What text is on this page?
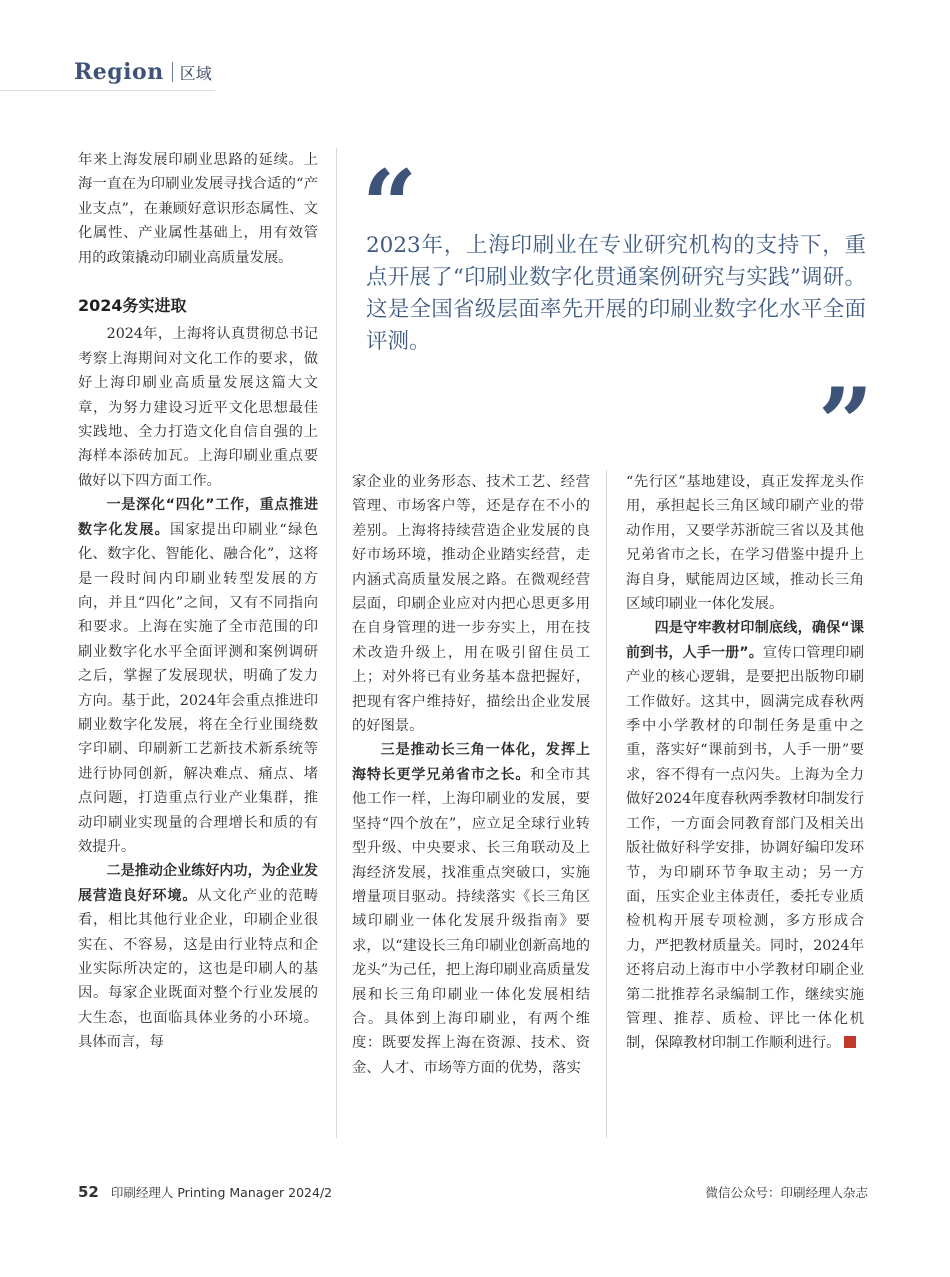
Region 区域

年来上海发展印刷业思路的延续。上海一直在为印刷业发展寻找合适的“产业支点”，在兼顾好意识形态属性、文化属性、产业属性基础上，用有效管用的政策撬动印刷业高质量发展。

2024务实进取

2024年，上海将认真贯彻总书记考察上海期间对文化工作的要求，做好上海印刷业高质量发展这篇大文章，为努力建设习近平文化思想最佳实践地、全力打造文化自信自强的上海样本添砖加瓦。上海印刷业重点要做好以下四方面工作。

一是深化“四化”工作，重点推进数字化发展。国家提出印刷业“绿色化、数字化、智能化、融合化”，这将是一段时间内印刷业转型发展的方向，并且“四化”之间，又有不同指向和要求。上海在实施了全市范围的印刷业数字化水平全面评测和案例调研之后，掌握了发展现状，明确了发力方向。基于此，2024年会重点推进印刷业数字化发展，将在全行业围绕数字印刷、印刷新工艺新技术新系统等进行协同创新，解决难点、痛点、堵点问题，打造重点行业产业集群，推动印刷业实现量的合理增长和质的有效提升。

二是推动企业练好内功，为企业发展营造良好环境。从文化产业的范畴看，相比其他行业企业，印刷企业很实在、不容易，这是由行业特点和企业实际所决定的，这也是印刷人的基因。每家企业既面对整个行业发展的大生态，也面临具体业务的小环境。具体而言，每

“
2023年，上海印刷业在专业研究机构的支持下，重点开展了“印刷业数字化贯通案例研究与实践”调研。这是全国省级层面率先开展的印刷业数字化水平全面评测。
”

家企业的业务形态、技术工艺、经营管理、市场客户等，还是存在不小的差别。上海将持续营造企业发展的良好市场环境，推动企业踏实经营，走内涵式高质量发展之路。在微观经营层面，印刷企业应对内把心思更多用在自身管理的进一步夯实上，用在技术改造升级上，用在吸引留住员工上；对外将已有业务基本盘把握好，把现有客户维持好，描绘出企业发展的好图景。

三是推动长三角一体化，发挥上海特长更学兄弟省市之长。和全市其他工作一样，上海印刷业的发展，要坚持“四个放在”，应立足全球行业转型升级、中央要求、长三角联动及上海经济发展，找准重点突破口，实施增量项目驱动。持续落实《长三角区域印刷业一体化发展升级指南》要求，以“建设长三角印刷业创新高地的龙头”为己任，把上海印刷业高质量发展和长三角印刷业一体化发展相结合。具体到上海印刷业，有两个维度：既要发挥上海在资源、技术、资金、人才、市场等方面的优势，落实

“先行区”基地建设，真正发挥龙头作用，承担起长三角区域印刷产业的带动作用，又要学苏浙皖三省以及其他兄弟省市之长，在学习借鉴中提升上海自身，赋能周边区域，推动长三角区域印刷业一体化发展。

四是守牢教材印制底线，确保“课前到书，人手一册”。宣传口管理印刷产业的核心逻辑，是要把出版物印刷工作做好。这其中，圆满完成春秋两季中小学教材的印制任务是重中之重，落实好“课前到书，人手一册”要求，容不得有一点闪失。上海为全力做好2024年度春秋两季教材印制发行工作，一方面会同教育部门及相关出版社做好科学安排，协调好编印发环节，为印刷环节争取主动；另一方面，压实企业主体责任，委托专业质检机构开展专项检测，多方形成合力，严把教材质量关。同时，2024年还将启动上海市中小学教材印刷企业第二批推荐名录编制工作，继续实施管理、推荐、质检、评比一体化机制，保障教材印制工作顺利进行。

52 印刷经理人 Printing Manager 2024/2	微信公众号：印刷经理人杂志
